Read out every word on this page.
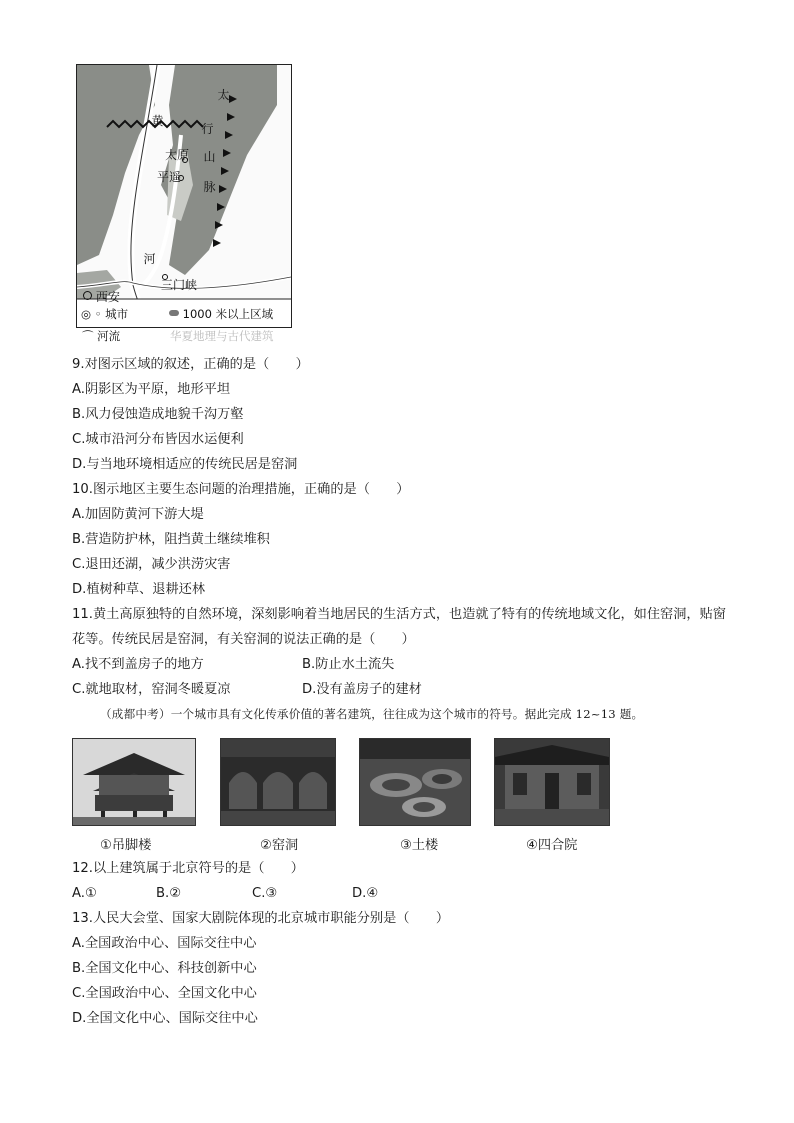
黄
河
太原
平遥
太
行
山
脉
三门峡
西安
◎ ◦ 城市	1000 米以上区域
⌒ 河流	华夏地理与古代建筑
9.对图示区域的叙述，正确的是（　　）
A.阴影区为平原，地形平坦
B.风力侵蚀造成地貌千沟万壑
C.城市沿河分布皆因水运便利
D.与当地环境相适应的传统民居是窑洞
10.图示地区主要生态问题的治理措施，正确的是（　　）
A.加固防黄河下游大堤
B.营造防护林，阻挡黄土继续堆积
C.退田还湖，减少洪涝灾害
D.植树种草、退耕还林
11.黄土高原独特的自然环境，深刻影响着当地居民的生活方式，也造就了特有的传统地域文化，如住窑洞，贴窗花等。传统民居是窑洞，有关窑洞的说法正确的是（　　）
A.找不到盖房子的地方	B.防止水土流失
C.就地取材，窑洞冬暖夏凉	D.没有盖房子的建材
（成都中考）一个城市具有文化传承价值的著名建筑，往往成为这个城市的符号。据此完成 12~13 题。
①吊脚楼	②窑洞	③土楼	④四合院
12.以上建筑属于北京符号的是（　　）
A.①	B.②	C.③	D.④
13.人民大会堂、国家大剧院体现的北京城市职能分别是（　　）
A.全国政治中心、国际交往中心
B.全国文化中心、科技创新中心
C.全国政治中心、全国文化中心
D.全国文化中心、国际交往中心
